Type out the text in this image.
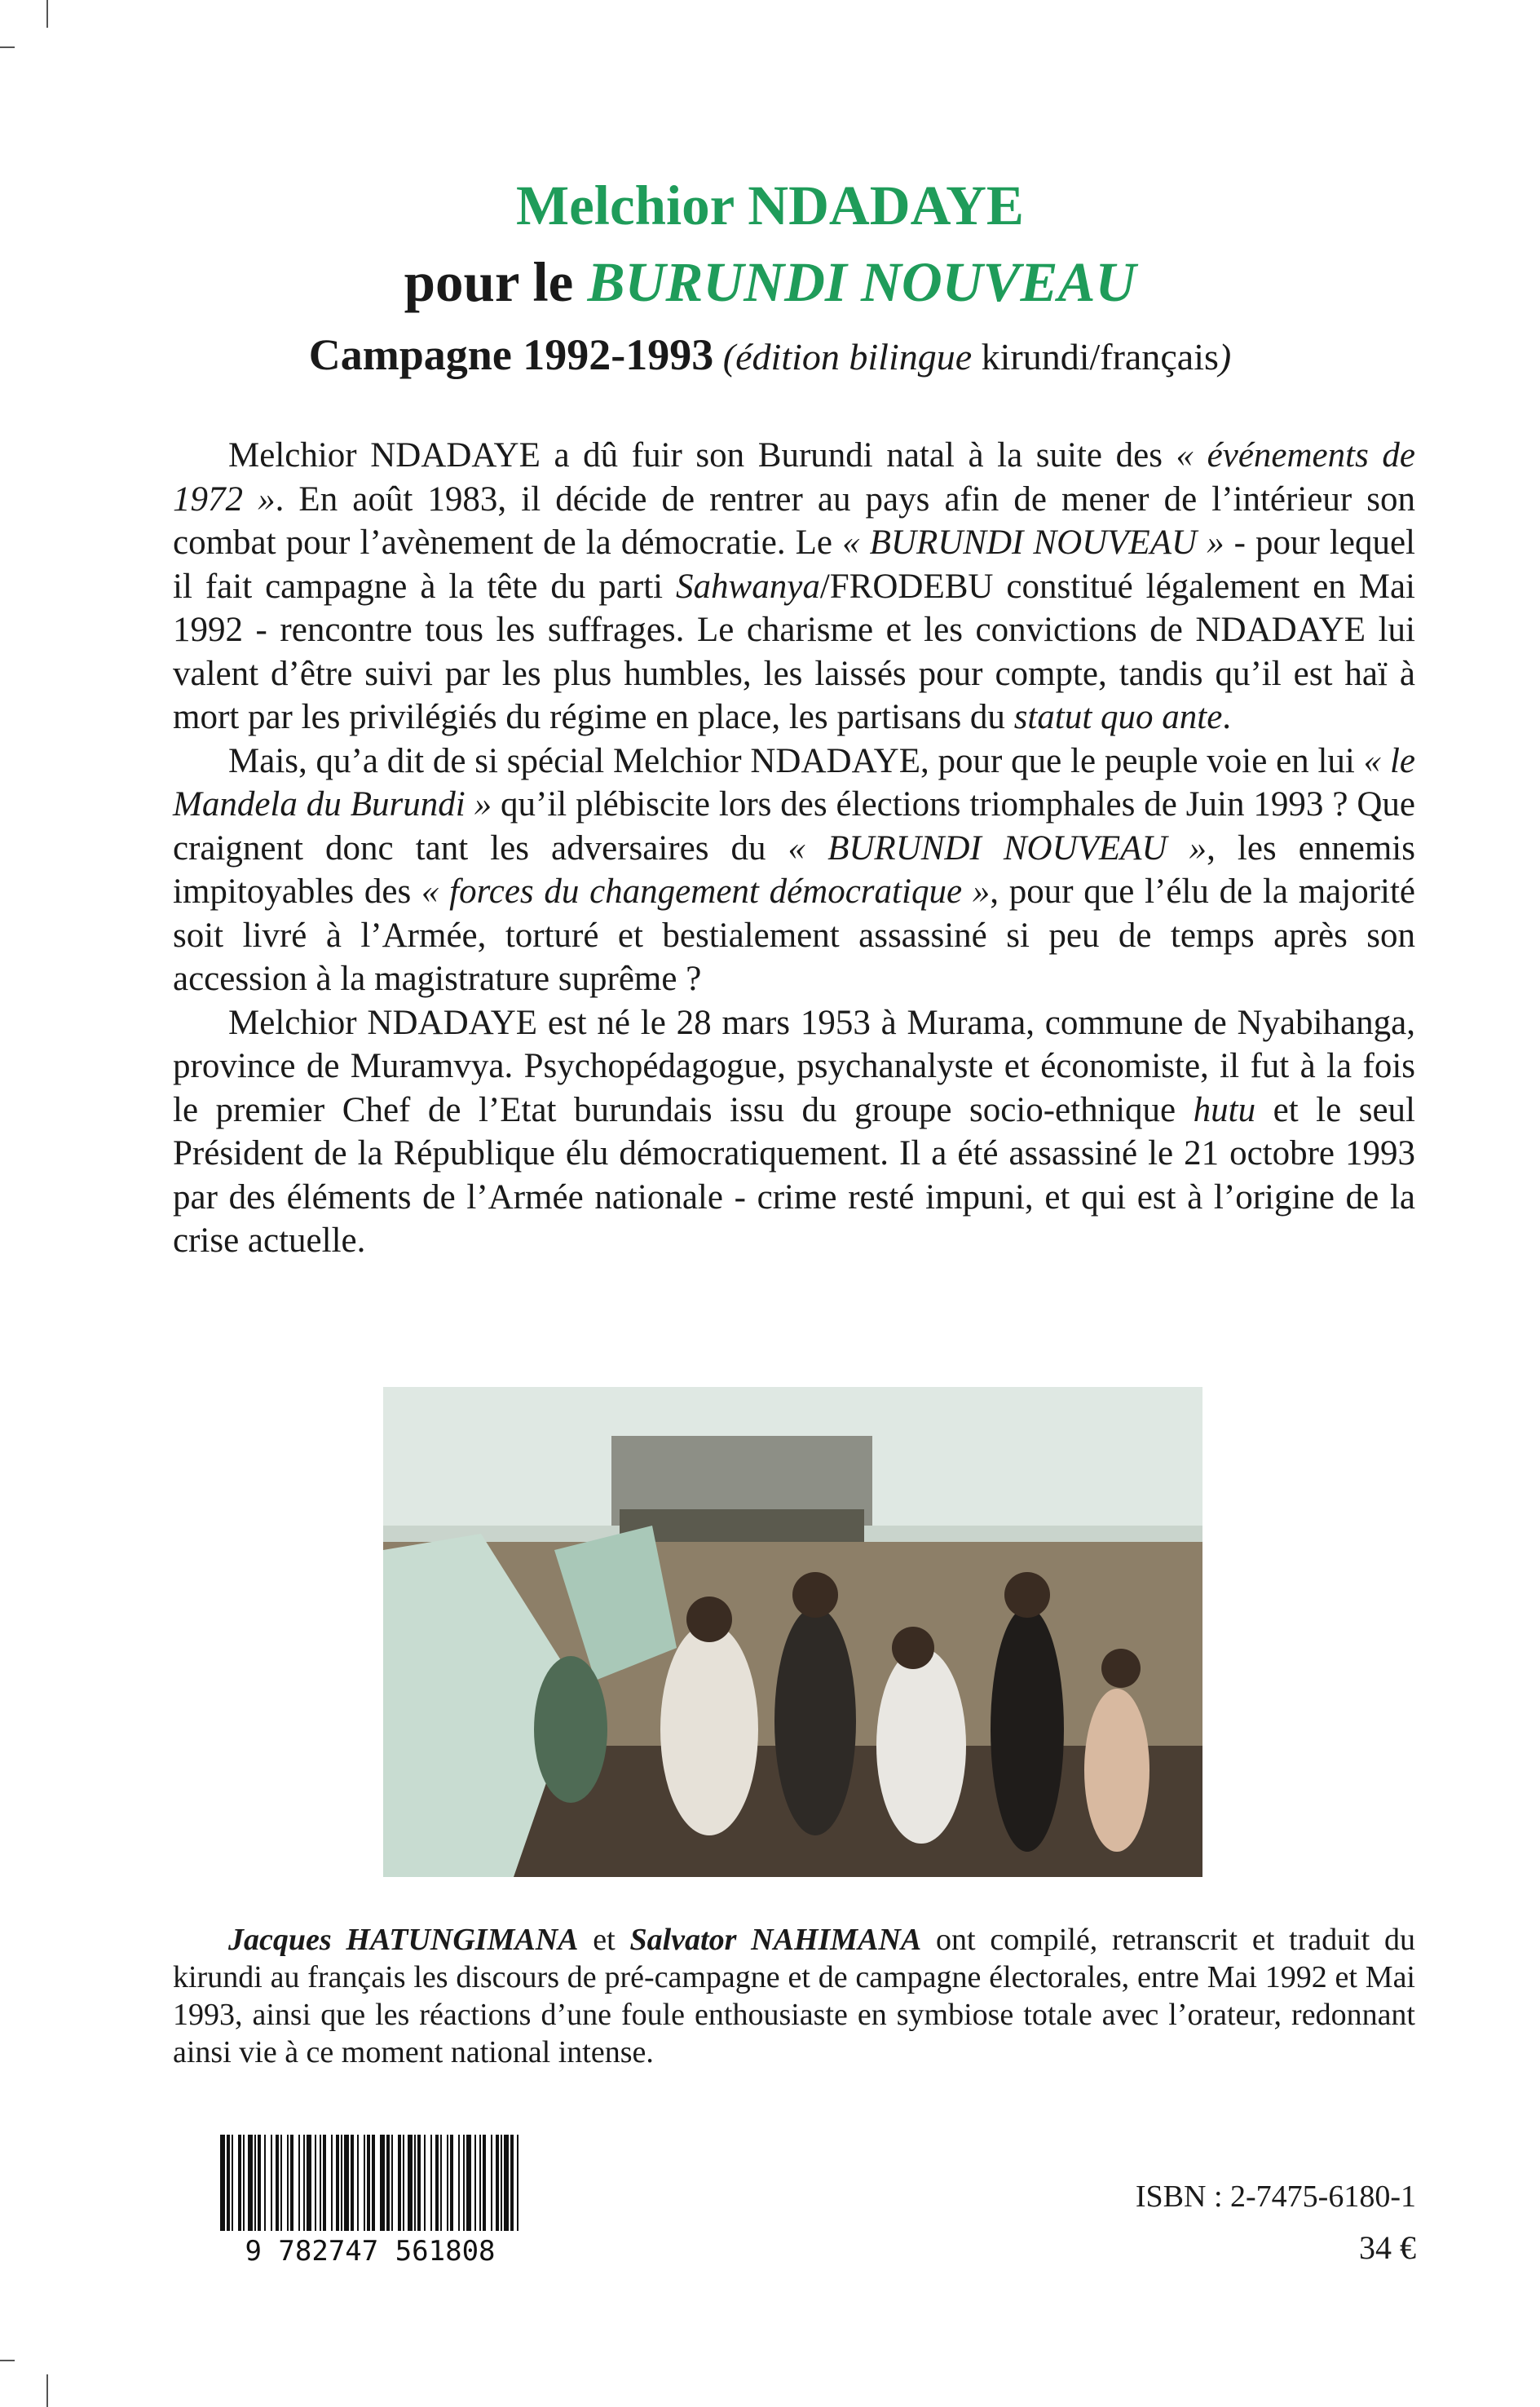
Melchior NDADAYE
pour le BURUNDI NOUVEAU
Campagne 1992-1993 (édition bilingue kirundi/français)

Melchior NDADAYE a dû fuir son Burundi natal à la suite des « événements de 1972 ». En août 1983, il décide de rentrer au pays afin de mener de l’intérieur son combat pour l’avènement de la démocratie. Le « BURUNDI NOUVEAU » - pour lequel il fait campagne à la tête du parti Sahwanya/FRODEBU constitué légalement en Mai 1992 - rencontre tous les suffrages. Le charisme et les convictions de NDADAYE lui valent d’être suivi par les plus humbles, les laissés pour compte, tandis qu’il est haï à mort par les privilégiés du régime en place, les partisans du statut quo ante.

Mais, qu’a dit de si spécial Melchior NDADAYE, pour que le peuple voie en lui « le Mandela du Burundi » qu’il plébiscite lors des élections triomphales de Juin 1993 ? Que craignent donc tant les adversaires du « BURUNDI NOUVEAU », les ennemis impitoyables des « forces du changement démocratique », pour que l’élu de la majorité soit livré à l’Armée, torturé et bestialement assassiné si peu de temps après son accession à la magistrature suprême ?

Melchior NDADAYE est né le 28 mars 1953 à Murama, commune de Nyabihanga, province de Muramvya. Psychopédagogue, psychanalyste et économiste, il fut à la fois le premier Chef de l’Etat burundais issu du groupe socio-ethnique hutu et le seul Président de la République élu démocratiquement. Il a été assassiné le 21 octobre 1993 par des éléments de l’Armée nationale - crime resté impuni, et qui est à l’origine de la crise actuelle.

Jacques HATUNGIMANA et Salvator NAHIMANA ont compilé, retranscrit et traduit du kirundi au français les discours de pré-campagne et de campagne électorales, entre Mai 1992 et Mai 1993, ainsi que les réactions d’une foule enthousiaste en symbiose totale avec l’orateur, redonnant ainsi vie à ce moment national intense.

9 782747 561808
ISBN : 2-7475-6180-1
34 €
